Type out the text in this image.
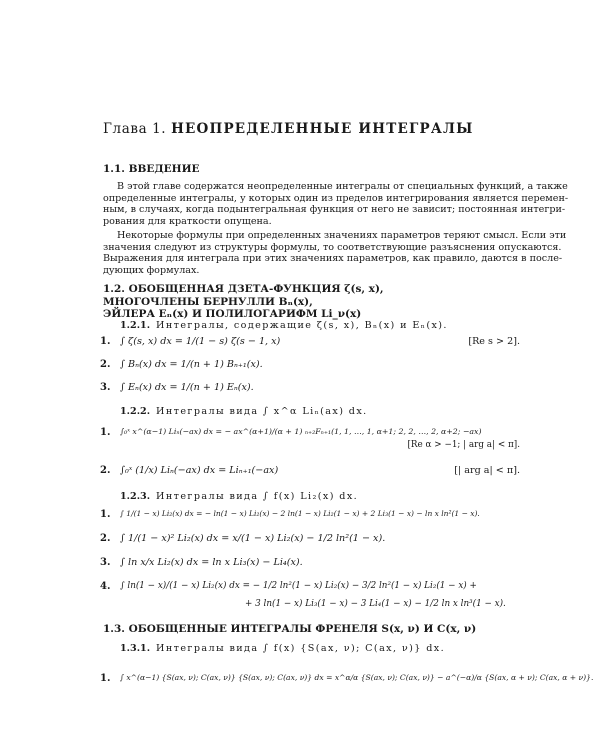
Глава 1. НЕОПРЕДЕЛЕННЫЕ ИНТЕГРАЛЫ
1.1. ВВЕДЕНИЕ
В этой главе содержатся неопределенные интегралы от специальных функций, а также
определенные интегралы, у которых один из пределов интегрирования является перемен-
ным, в случаях, когда подынтегральная функция от него не зависит; постоянная интегри-
рования для краткости опущена.
Некоторые формулы при определенных значениях параметров теряют смысл. Если эти
значения следуют из структуры формулы, то соответствующие разъяснения опускаются.
Выражения для интеграла при этих значениях параметров, как правило, даются в после-
дующих формулах.
1.2. ОБОБЩЕННАЯ ДЗЕТА-ФУНКЦИЯ ζ(s, x),
МНОГОЧЛЕНЫ БЕРНУЛЛИ Bₙ(x),
ЭЙЛЕРА Eₙ(x) И ПОЛИЛОГАРИФМ Li_ν(x)
1.2.1. Интегралы, содержащие ζ(s, x), Bₙ(x) и Eₙ(x).
1. ∫ ζ(s, x) dx = 1/(1 − s) ζ(s − 1, x)	[Re s > 2].
2. ∫ Bₙ(x) dx = 1/(n + 1) Bₙ₊₁(x).
3. ∫ Eₙ(x) dx = 1/(n + 1) Eₙ(x).
1.2.2. Интегралы вида ∫ x^α Liₙ(ax) dx.
1. ∫₀ˣ x^(α−1) Liₙ(−ax) dx = − ax^(α+1)/(α + 1) ₙ₊₂Fₙ₊₁(1, 1, …, 1, α+1; 2, 2, …, 2, α+2; −ax)
[Re α > −1; | arg a| < π].
2. ∫₀ˣ (1/x) Liₙ(−ax) dx = Liₙ₊₁(−ax)	[| arg a| < π].
1.2.3. Интегралы вида ∫ f(x) Li₂(x) dx.
1. ∫ 1/(1 − x) Li₂(x) dx = − ln(1 − x) Li₂(x) − 2 ln(1 − x) Li₂(1 − x) + 2 Li₃(1 − x) − ln x ln²(1 − x).
2. ∫ 1/(1 − x)² Li₂(x) dx = x/(1 − x) Li₂(x) − 1/2 ln²(1 − x).
3. ∫ ln x/x Li₂(x) dx = ln x Li₃(x) − Li₄(x).
4. ∫ ln(1 − x)/(1 − x) Li₂(x) dx = − 1/2 ln²(1 − x) Li₂(x) − 3/2 ln²(1 − x) Li₂(1 − x) +
+ 3 ln(1 − x) Li₃(1 − x) − 3 Li₄(1 − x) − 1/2 ln x ln³(1 − x).
1.3. ОБОБЩЕННЫЕ ИНТЕГРАЛЫ ФРЕНЕЛЯ S(x, ν) И C(x, ν)
1.3.1. Интегралы вида ∫ f(x) {S(ax, ν); C(ax, ν)} dx.
1. ∫ x^(α−1) {S(ax, ν); C(ax, ν)} {S(ax, ν); C(ax, ν)} dx = x^α/α {S(ax, ν); C(ax, ν)} − a^(−α)/α {S(ax, α + ν); C(ax, α + ν)}.
